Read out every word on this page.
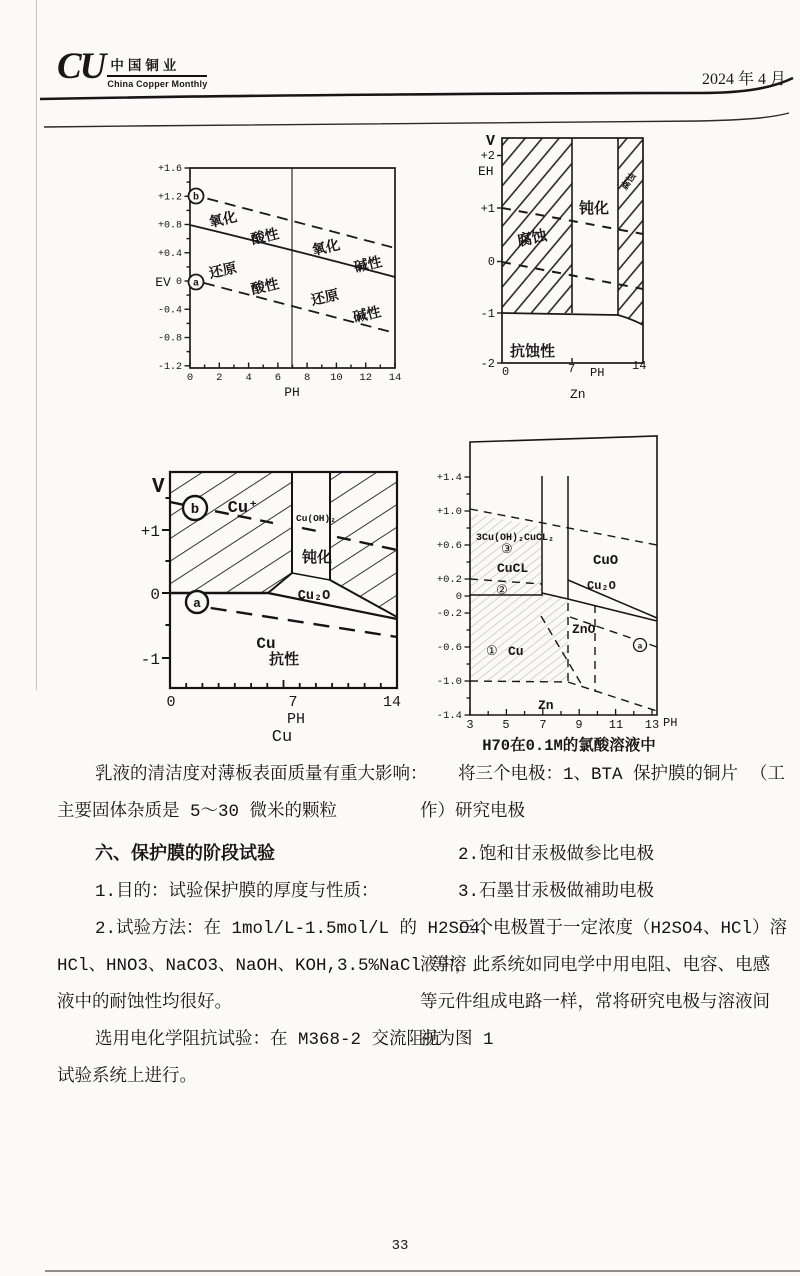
CU 中国铜业
China Copper Monthly	2024 年 4 月
+1.6
+1.2
+0.8
+0.4
0
-0.4
-0.8
-1.2
0 2 4 6 8 10 12 14
PH
EV
b
a
氧化
酸性
氧化
碱性
还原
酸性
还原
碱性
V
+2
+1
0
-1
-2
EH
0	7	14
PH
Zn
腐蚀
钝化
腐蚀
抗蚀性
V
+1
0
-1
0	7	14
PH
Cu
b
a
Cu⁺
Cu(OH)₂
钝化
Cu₂O
Cu
抗性
+1.4
+1.0
+0.6
+0.2
0
-0.2
-0.6
-1.0
-1.4
3 5 7 9 11 13 PH
H70在0.1M的氯酸溶液中
3Cu(OH)₂CuCL₂
③
CuCL
②
CuO
Cu₂O
ZnO
① Cu
Zn
a
乳液的清洁度对薄板表面质量有重大影响：
主要固体杂质是 5～30 微米的颗粒
六、保护膜的阶段试验
1.目的：试验保护膜的厚度与性质：
2.试验方法：在 1mol/L-1.5mol/L 的 H2SO4、
HCl、HNO3、NaCO3、NaOH、KOH,3.5%NaCl 等溶
液中的耐蚀性均很好。
选用电化学阻抗试验：在 M368-2 交流阻抗
试验系统上进行。
将三个电极：1、BTA 保护膜的铜片 （工
作）研究电极
2.饱和甘汞极做参比电极
3.石墨甘汞极做補助电极
三个电极置于一定浓度（H2SO4、HCl）溶
液中，此系统如同电学中用电阻、电容、电感
等元件组成电路一样，常将研究电极与溶液间
视为图 1
33
